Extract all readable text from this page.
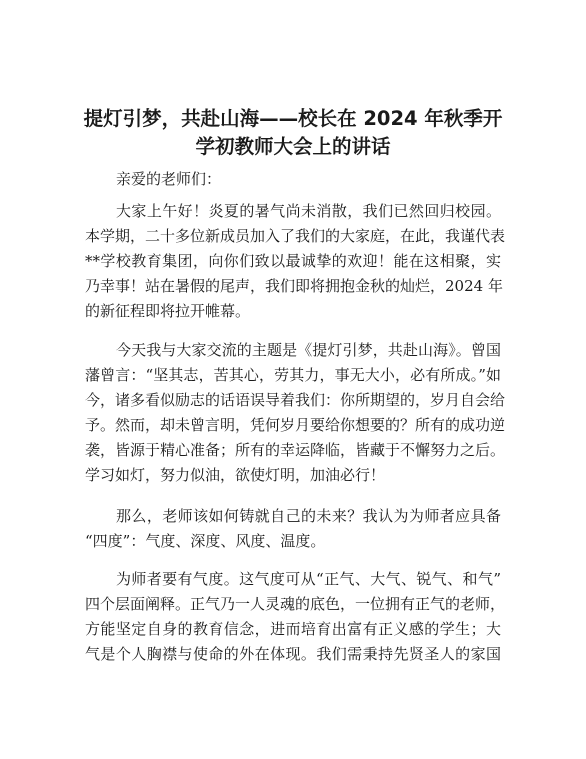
提灯引梦，共赴山海——校长在 2024 年秋季开
学初教师大会上的讲话
亲爱的老师们：
大家上午好！炎夏的暑气尚未消散，我们已然回归校园。
本学期，二十多位新成员加入了我们的大家庭，在此，我谨代表
**学校教育集团，向你们致以最诚挚的欢迎！能在这相聚，实
乃幸事！站在暑假的尾声，我们即将拥抱金秋的灿烂，2024 年
的新征程即将拉开帷幕。
今天我与大家交流的主题是《提灯引梦，共赴山海》。曾国
藩曾言：“坚其志，苦其心，劳其力，事无大小，必有所成。”如
今，诸多看似励志的话语误导着我们：你所期望的，岁月自会给
予。然而，却未曾言明，凭何岁月要给你想要的？所有的成功逆
袭，皆源于精心准备；所有的幸运降临，皆藏于不懈努力之后。
学习如灯，努力似油，欲使灯明，加油必行！
那么，老师该如何铸就自己的未来？我认为为师者应具备
“四度”：气度、深度、风度、温度。
为师者要有气度。这气度可从“正气、大气、锐气、和气”
四个层面阐释。正气乃一人灵魂的底色，一位拥有正气的老师，
方能坚定自身的教育信念，进而培育出富有正义感的学生；大
气是个人胸襟与使命的外在体现。我们需秉持先贤圣人的家国
